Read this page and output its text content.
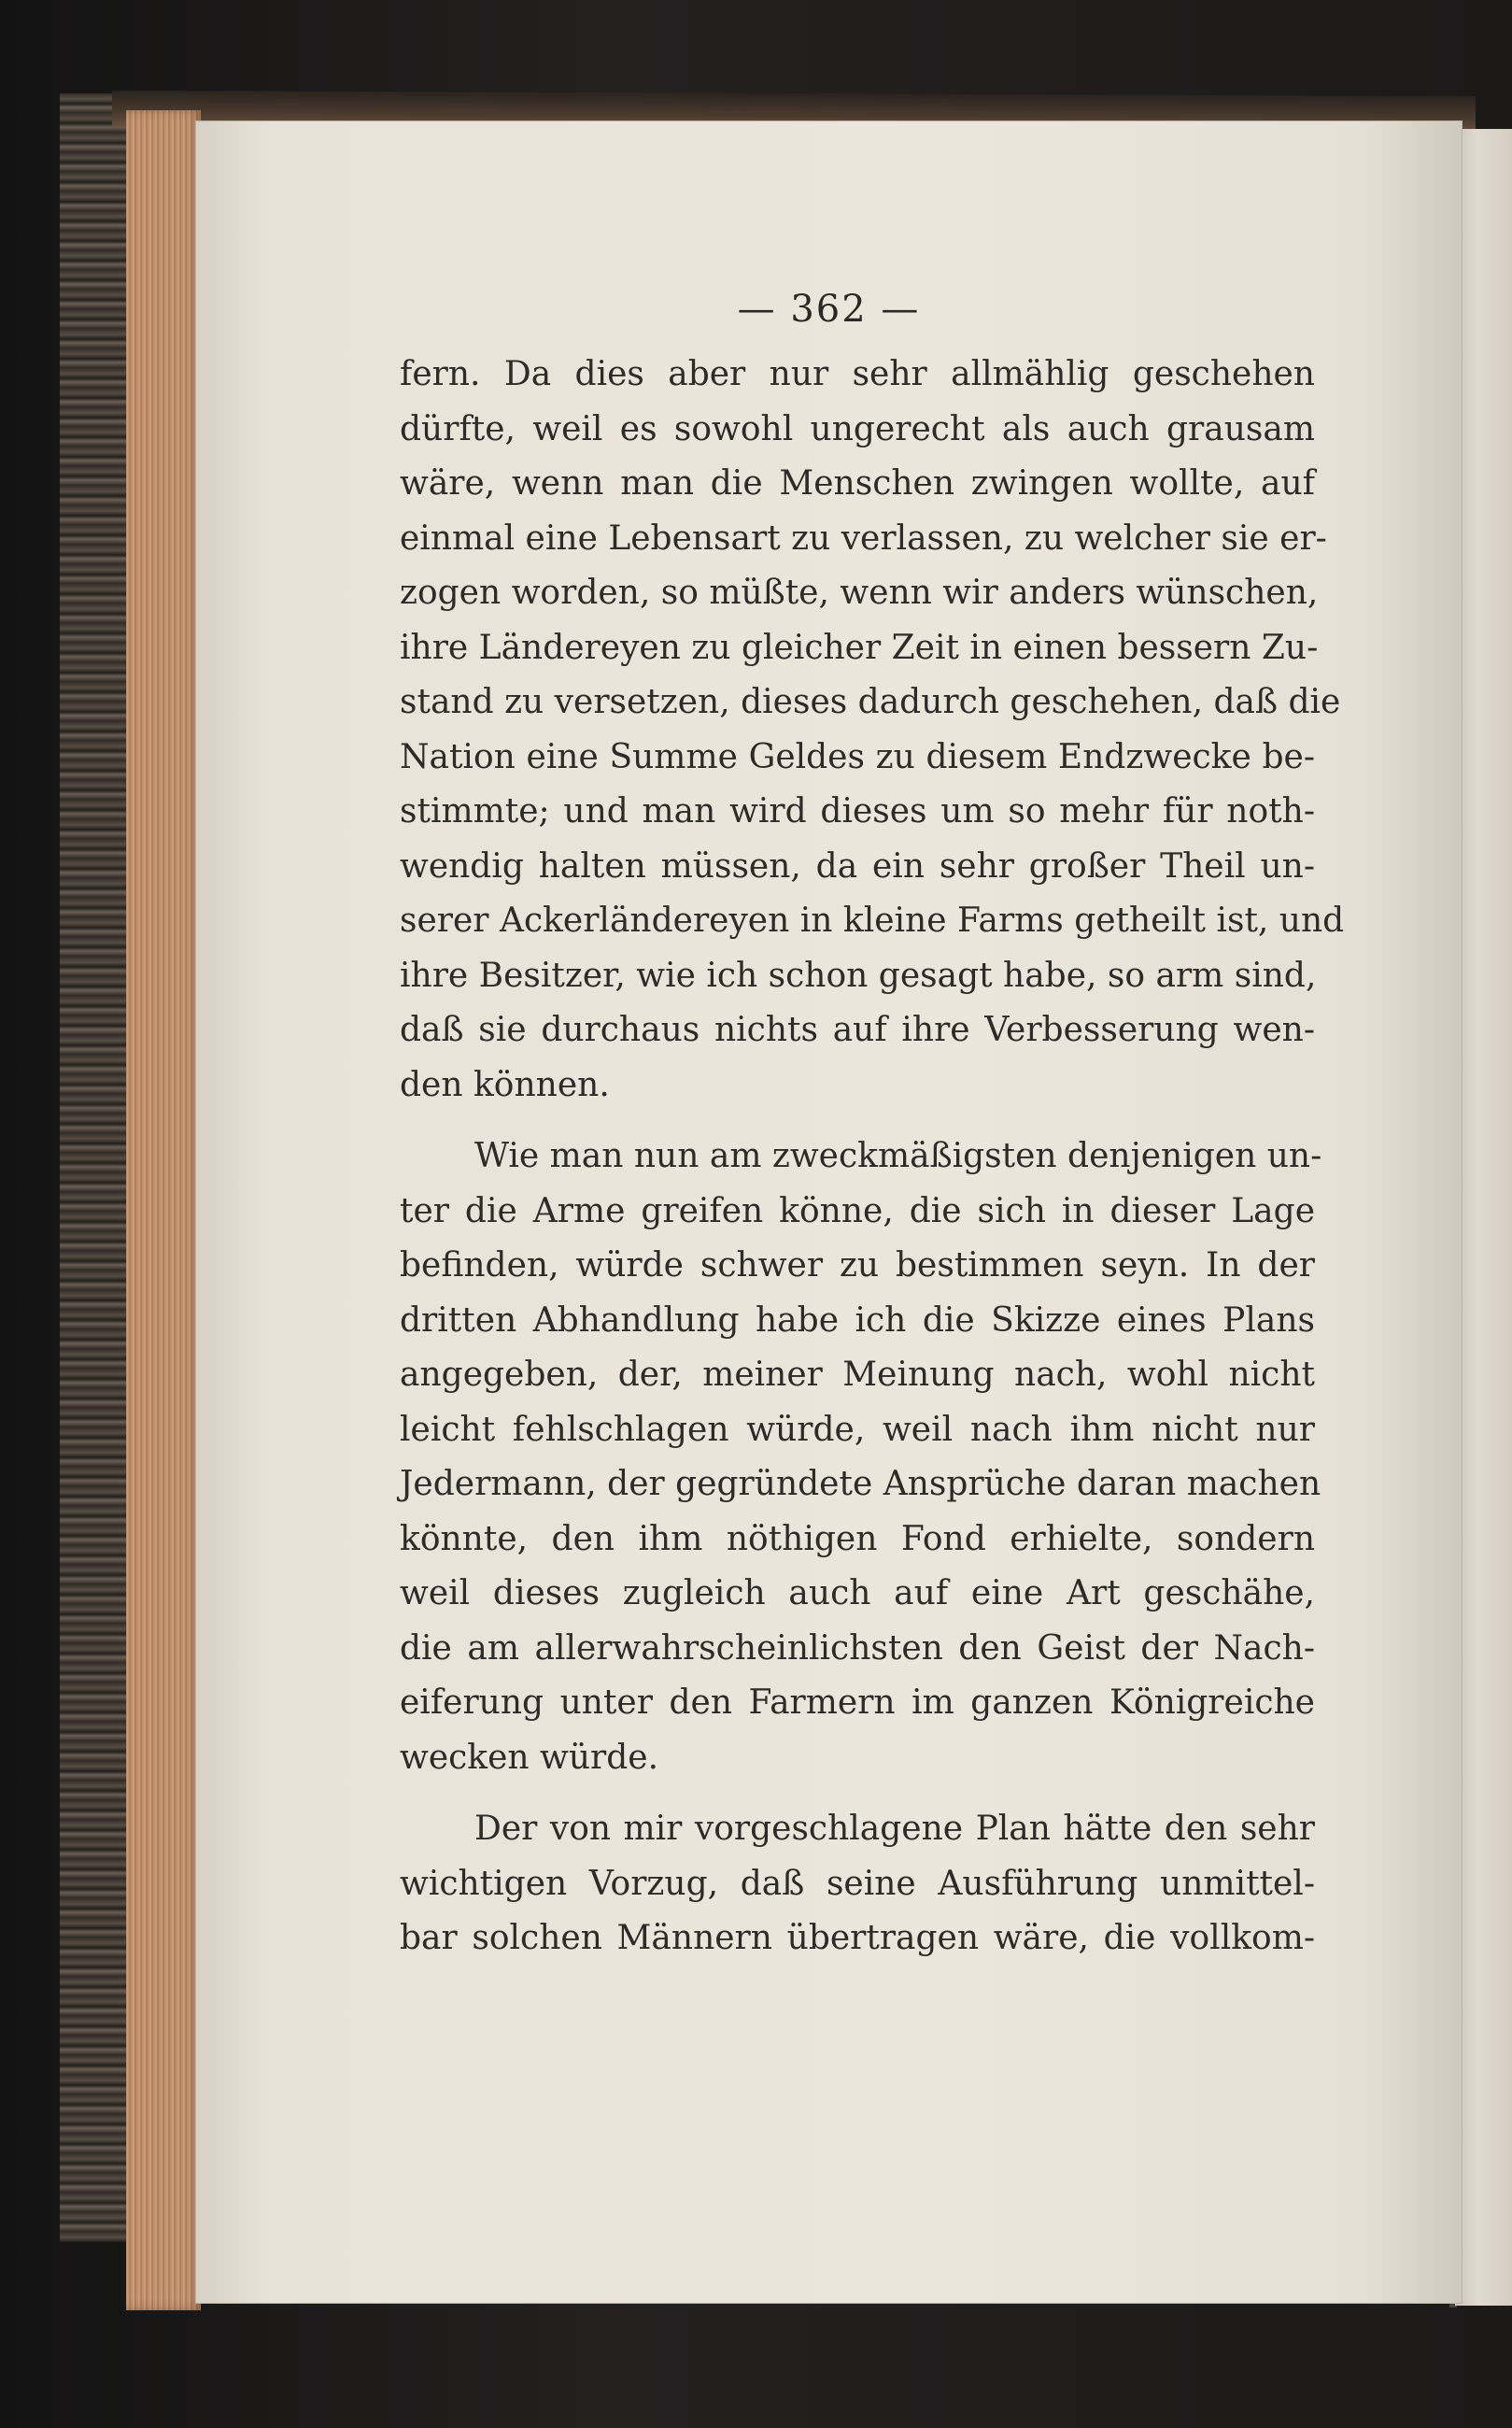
— 362 —
fern. Da dies aber nur sehr allmählig geschehen
dürfte, weil es sowohl ungerecht als auch grausam
wäre, wenn man die Menschen zwingen wollte, auf
einmal eine Lebensart zu verlassen, zu welcher sie er-
zogen worden, so müßte, wenn wir anders wünschen,
ihre Ländereyen zu gleicher Zeit in einen bessern Zu-
stand zu versetzen, dieses dadurch geschehen, daß die
Nation eine Summe Geldes zu diesem Endzwecke be-
stimmte; und man wird dieses um so mehr für noth-
wendig halten müssen, da ein sehr großer Theil un-
serer Ackerländereyen in kleine Farms getheilt ist, und
ihre Besitzer, wie ich schon gesagt habe, so arm sind,
daß sie durchaus nichts auf ihre Verbesserung wen-
den können.
Wie man nun am zweckmäßigsten denjenigen un-
ter die Arme greifen könne, die sich in dieser Lage
befinden, würde schwer zu bestimmen seyn. In der
dritten Abhandlung habe ich die Skizze eines Plans
angegeben, der, meiner Meinung nach, wohl nicht
leicht fehlschlagen würde, weil nach ihm nicht nur
Jedermann, der gegründete Ansprüche daran machen
könnte, den ihm nöthigen Fond erhielte, sondern
weil dieses zugleich auch auf eine Art geschähe,
die am allerwahrscheinlichsten den Geist der Nach-
eiferung unter den Farmern im ganzen Königreiche
wecken würde.
Der von mir vorgeschlagene Plan hätte den sehr
wichtigen Vorzug, daß seine Ausführung unmittel-
bar solchen Männern übertragen wäre, die vollkom-
